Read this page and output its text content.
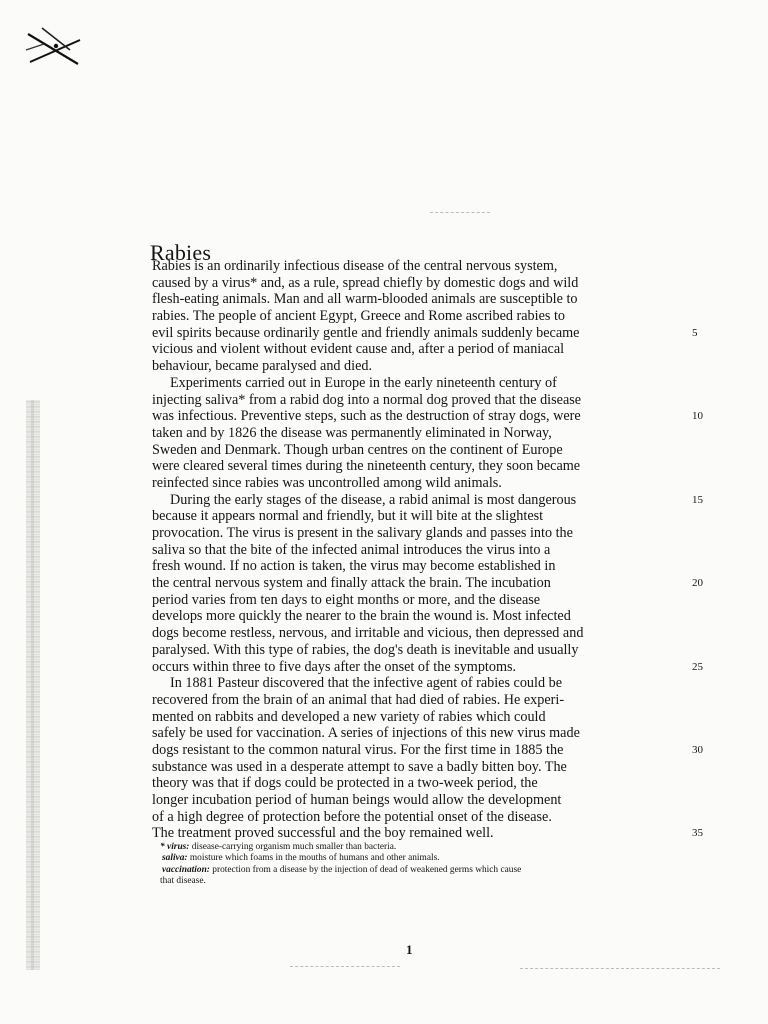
Rabies
Rabies is an ordinarily infectious disease of the central nervous system,
caused by a virus* and, as a rule, spread chiefly by domestic dogs and wild
flesh-eating animals. Man and all warm-blooded animals are susceptible to
rabies. The people of ancient Egypt, Greece and Rome ascribed rabies to
evil spirits because ordinarily gentle and friendly animals suddenly became	5
vicious and violent without evident cause and, after a period of maniacal
behaviour, became paralysed and died.
Experiments carried out in Europe in the early nineteenth century of
injecting saliva* from a rabid dog into a normal dog proved that the disease
was infectious. Preventive steps, such as the destruction of stray dogs, were	10
taken and by 1826 the disease was permanently eliminated in Norway,
Sweden and Denmark. Though urban centres on the continent of Europe
were cleared several times during the nineteenth century, they soon became
reinfected since rabies was uncontrolled among wild animals.
During the early stages of the disease, a rabid animal is most dangerous	15
because it appears normal and friendly, but it will bite at the slightest
provocation. The virus is present in the salivary glands and passes into the
saliva so that the bite of the infected animal introduces the virus into a
fresh wound. If no action is taken, the virus may become established in
the central nervous system and finally attack the brain. The incubation	20
period varies from ten days to eight months or more, and the disease
develops more quickly the nearer to the brain the wound is. Most infected
dogs become restless, nervous, and irritable and vicious, then depressed and
paralysed. With this type of rabies, the dog's death is inevitable and usually
occurs within three to five days after the onset of the symptoms.	25
In 1881 Pasteur discovered that the infective agent of rabies could be
recovered from the brain of an animal that had died of rabies. He experi-
mented on rabbits and developed a new variety of rabies which could
safely be used for vaccination. A series of injections of this new virus made
dogs resistant to the common natural virus. For the first time in 1885 the	30
substance was used in a desperate attempt to save a badly bitten boy. The
theory was that if dogs could be protected in a two-week period, the
longer incubation period of human beings would allow the development
of a high degree of protection before the potential onset of the disease.
The treatment proved successful and the boy remained well.	35
* virus: disease-carrying organism much smaller than bacteria.
saliva: moisture which foams in the mouths of humans and other animals.
vaccination: protection from a disease by the injection of dead of weakened germs which cause
that disease.
1
